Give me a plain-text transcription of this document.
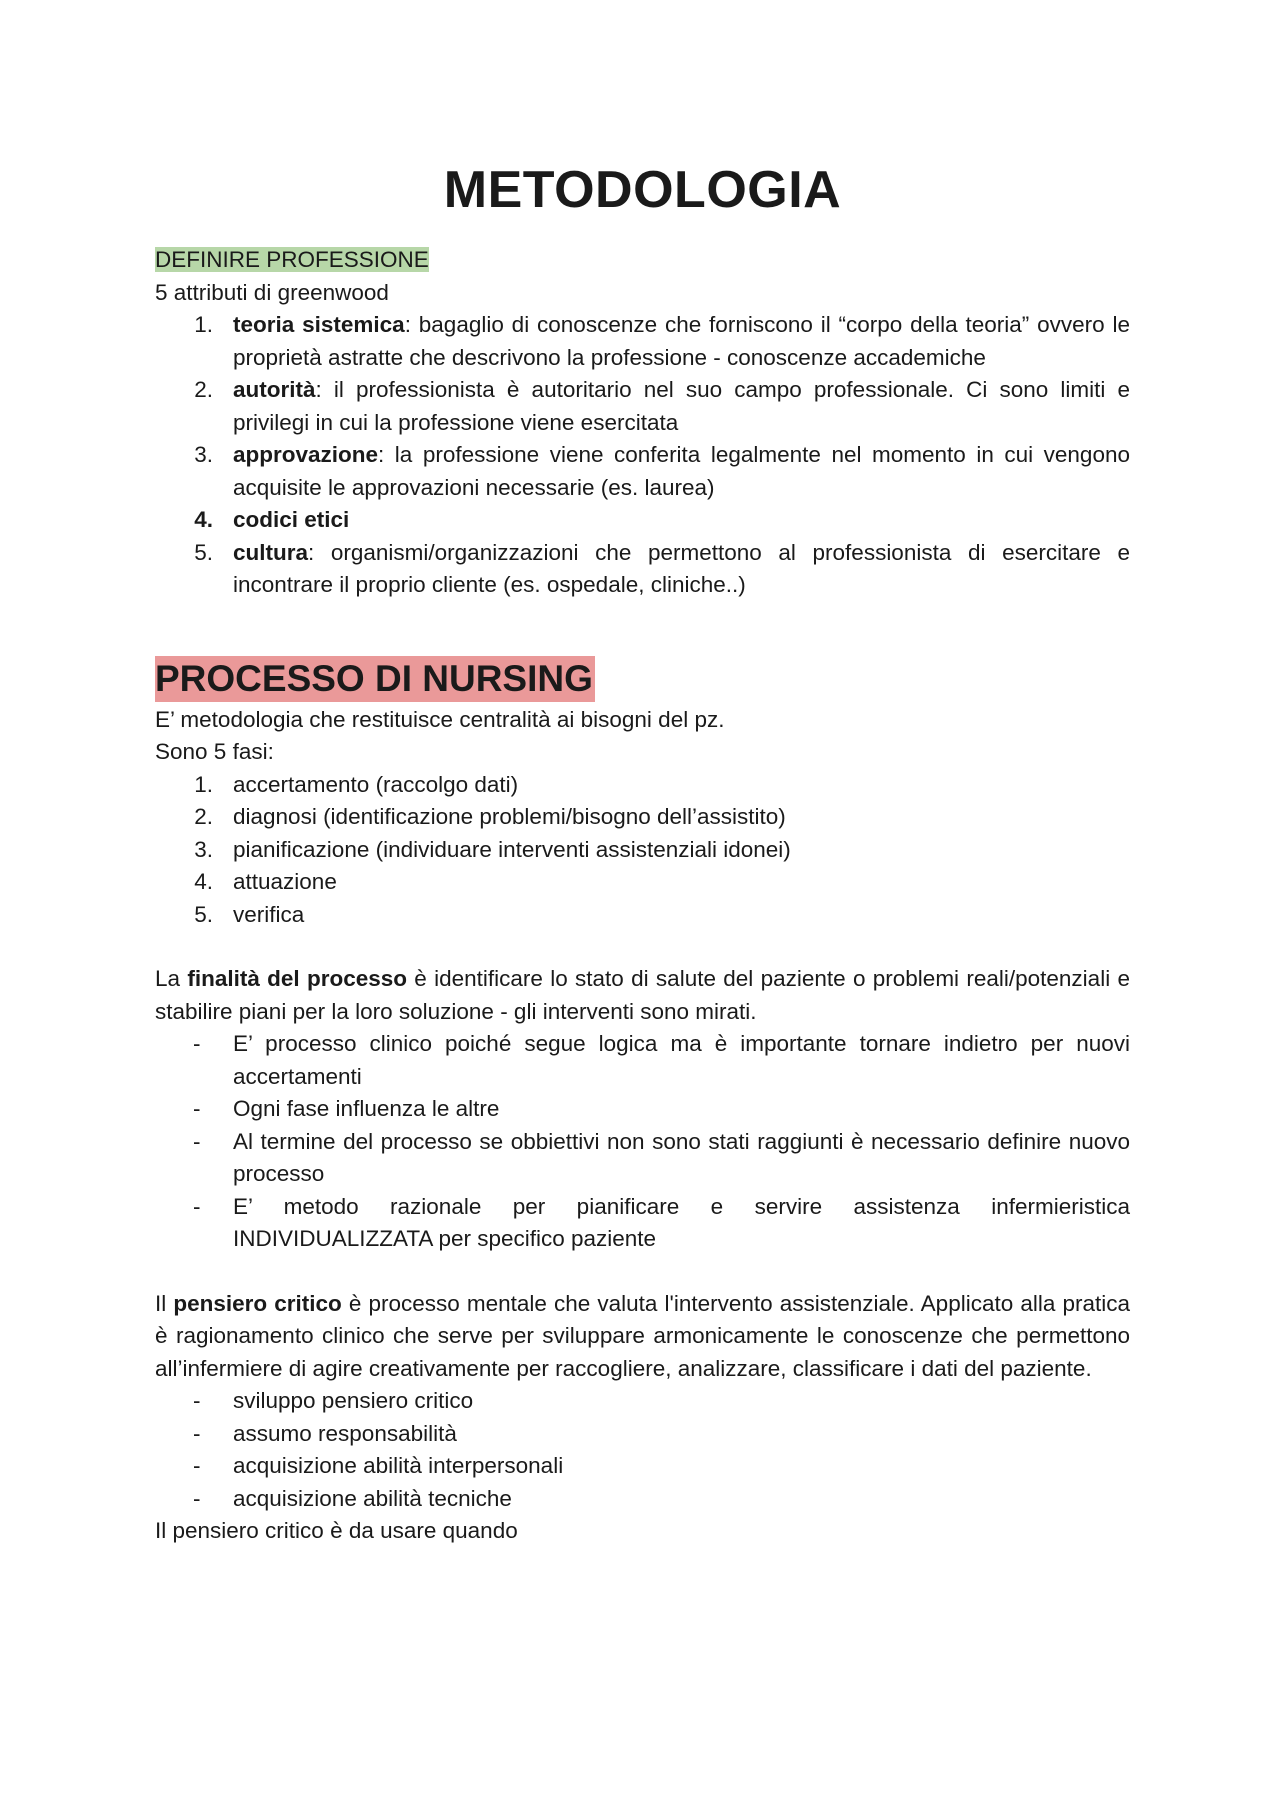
METODOLOGIA
DEFINIRE PROFESSIONE
5 attributi di greenwood
1. teoria sistemica: bagaglio di conoscenze che forniscono il “corpo della teoria” ovvero le proprietà astratte che descrivono la professione - conoscenze accademiche
2. autorità: il professionista è autoritario nel suo campo professionale. Ci sono limiti e privilegi in cui la professione viene esercitata
3. approvazione: la professione viene conferita legalmente nel momento in cui vengono acquisite le approvazioni necessarie (es. laurea)
4. codici etici
5. cultura: organismi/organizzazioni che permettono al professionista di esercitare e incontrare il proprio cliente (es. ospedale, cliniche..)
PROCESSO DI NURSING
E’ metodologia che restituisce centralità ai bisogni del pz.
Sono 5 fasi:
1. accertamento (raccolgo dati)
2. diagnosi (identificazione problemi/bisogno dell’assistito)
3. pianificazione (individuare interventi assistenziali idonei)
4. attuazione
5. verifica
La finalità del processo è identificare lo stato di salute del paziente o problemi reali/potenziali e stabilire piani per la loro soluzione - gli interventi sono mirati.
-	E’ processo clinico poiché segue logica ma è importante tornare indietro per nuovi accertamenti
-	Ogni fase influenza le altre
-	Al termine del processo se obbiettivi non sono stati raggiunti è necessario definire nuovo processo
-	E’ metodo razionale per pianificare e servire assistenza infermieristica INDIVIDUALIZZATA per specifico paziente
Il pensiero critico è processo mentale che valuta l'intervento assistenziale. Applicato alla pratica è ragionamento clinico che serve per sviluppare armonicamente le conoscenze che permettono all’infermiere di agire creativamente per raccogliere, analizzare, classificare i dati del paziente.
-	sviluppo pensiero critico
-	assumo responsabilità
-	acquisizione abilità interpersonali
-	acquisizione abilità tecniche
Il pensiero critico è da usare quando
